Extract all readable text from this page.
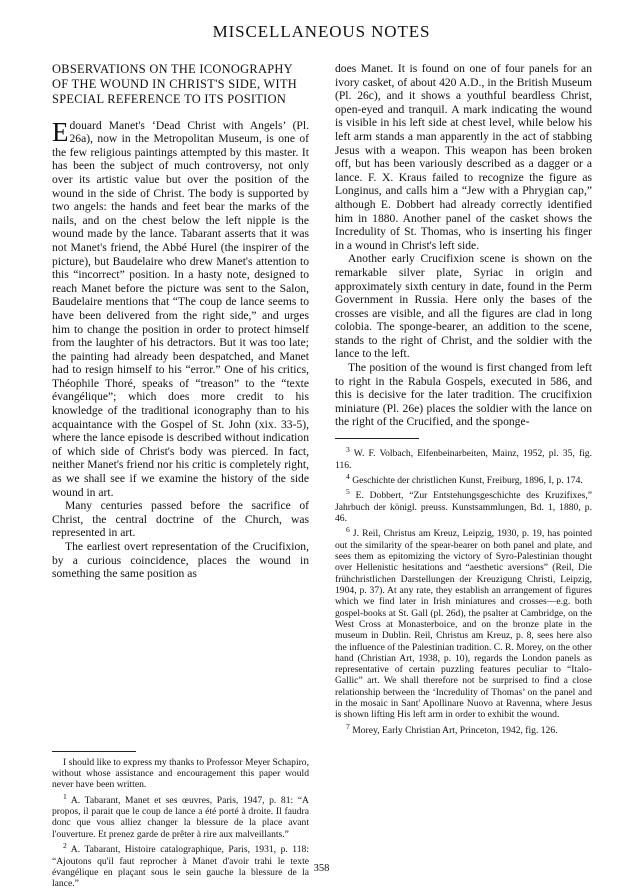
MISCELLANEOUS NOTES
OBSERVATIONS ON THE ICONOGRAPHY OF THE WOUND IN CHRIST'S SIDE, WITH SPECIAL REFERENCE TO ITS POSITION
E douard Manet's ‘Dead Christ with Angels’ (Pl. 26a), now in the Metropolitan Museum, is one of the few religious paintings attempted by this master. It has been the subject of much controversy, not only over its artistic value but over the position of the wound in the side of Christ. The body is supported by two angels: the hands and feet bear the marks of the nails, and on the chest below the left nipple is the wound made by the lance. Tabarant asserts that it was not Manet's friend, the Abbé Hurel (the inspirer of the picture), but Baudelaire who drew Manet's attention to this “incorrect” position. In a hasty note, designed to reach Manet before the picture was sent to the Salon, Baudelaire mentions that “The coup de lance seems to have been delivered from the right side,” and urges him to change the position in order to protect himself from the laughter of his detractors. But it was too late; the painting had already been despatched, and Manet had to resign himself to his “error.” One of his critics, Théophile Thoré, speaks of “treason” to the “texte évangélique”; which does more credit to his knowledge of the traditional iconography than to his acquaintance with the Gospel of St. John (xix. 33-5), where the lance episode is described without indication of which side of Christ's body was pierced. In fact, neither Manet's friend nor his critic is completely right, as we shall see if we examine the history of the side wound in art.

Many centuries passed before the sacrifice of Christ, the central doctrine of the Church, was represented in art.

The earliest overt representation of the Crucifixion, by a curious coincidence, places the wound in something the same position as

I should like to express my thanks to Professor Meyer Schapiro, without whose assistance and encouragement this paper would never have been written.

$^1$ A. Tabarant, Manet et ses œuvres, Paris, 1947, p. 81: “A propos, il parait que le coup de lance a été porté à droite. Il faudra donc que vous alliez changer la blessure de la place avant l'ouverture. Et prenez garde de prêter à rire aux malveillants.”

$^2$ A. Tabarant, Histoire catalographique, Paris, 1931, p. 118: “Ajoutons qu'il faut reprocher à Manet d'avoir trahi le texte évangélique en plaçant sous le sein gauche la blessure de la lance.”

does Manet. It is found on one of four panels for an ivory casket, of about 420 A.D., in the British Museum (Pl. 26c), and it shows a youthful beardless Christ, open-eyed and tranquil. A mark indicating the wound is visible in his left side at chest level, while below his left arm stands a man apparently in the act of stabbing Jesus with a weapon. This weapon has been broken off, but has been variously described as a dagger or a lance. F. X. Kraus failed to recognize the figure as Longinus, and calls him a “Jew with a Phrygian cap,” although E. Dobbert had already correctly identified him in 1880. Another panel of the casket shows the Incredulity of St. Thomas, who is inserting his finger in a wound in Christ's left side.

Another early Crucifixion scene is shown on the remarkable silver plate, Syriac in origin and approximately sixth century in date, found in the Perm Government in Russia. Here only the bases of the crosses are visible, and all the figures are clad in long colobia. The sponge-bearer, an addition to the scene, stands to the right of Christ, and the soldier with the lance to the left.

The position of the wound is first changed from left to right in the Rabula Gospels, executed in 586, and this is decisive for the later tradition. The crucifixion miniature (Pl. 26e) places the soldier with the lance on the right of the Crucified, and the sponge-

$^3$ W. F. Volbach, Elfenbeinarbeiten, Mainz, 1952, pl. 35, fig. 116.

$^4$ Geschichte der christlichen Kunst, Freiburg, 1896, I, p. 174.

$^5$ E. Dobbert, “Zur Entstehungsgeschichte des Kruzifixes,” Jahrbuch der königl. preuss. Kunstsammlungen, Bd. 1, 1880, p. 46.

$^6$ J. Reil, Christus am Kreuz, Leipzig, 1930, p. 19, has pointed out the similarity of the spear-bearer on both panel and plate, and sees them as epitomizing the victory of Syro-Palestinian thought over Hellenistic hesitations and “aesthetic aversions” (Reil, Die frühchristlichen Darstellungen der Kreuzigung Christi, Leipzig, 1904, p. 37). At any rate, they establish an arrangement of figures which we find later in Irish miniatures and crosses—e.g. both gospel-books at St. Gall (pl. 26d), the psalter at Cambridge, on the West Cross at Monasterboice, and on the bronze plate in the museum in Dublin. Reil, Christus am Kreuz, p. 8, sees here also the influence of the Palestinian tradition. C. R. Morey, on the other hand (Christian Art, 1938, p. 10), regards the London panels as representative of certain puzzling features peculiar to “Italo-Gallic” art. We shall therefore not be surprised to find a close relationship between the ‘Incredulity of Thomas’ on the panel and in the mosaic in Sant' Apollinare Nuovo at Ravenna, where Jesus is shown lifting His left arm in order to exhibit the wound.

$^7$ Morey, Early Christian Art, Princeton, 1942, fig. 126.

358
